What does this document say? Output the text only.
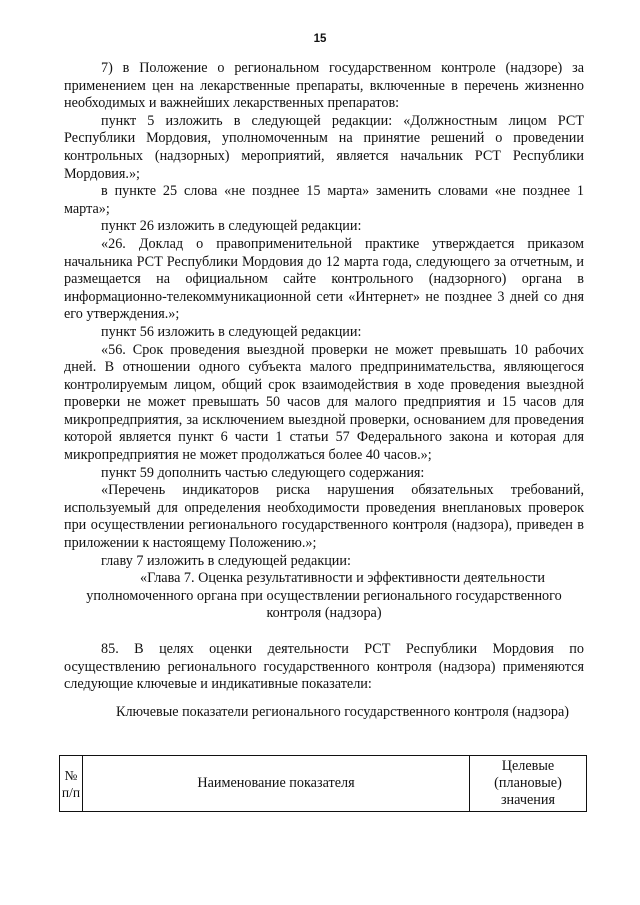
15

7) в Положение о региональном государственном контроле (надзоре) за применением цен на лекарственные препараты, включенные в перечень жизненно необходимых и важнейших лекарственных препаратов:

пункт 5 изложить в следующей редакции: «Должностным лицом РСТ Республики Мордовия, уполномоченным на принятие решений о проведении контрольных (надзорных) мероприятий, является начальник РСТ Республики Мордовия.»;

в пункте 25 слова «не позднее 15 марта» заменить словами «не позднее 1 марта»;

пункт 26 изложить в следующей редакции:

«26. Доклад о правоприменительной практике утверждается приказом начальника РСТ Республики Мордовия до 12 марта года, следующего за отчетным, и размещается на официальном сайте контрольного (надзорного) органа в информационно-телекоммуникационной сети «Интернет» не позднее 3 дней со дня его утверждения.»;

пункт 56 изложить в следующей редакции:

«56. Срок проведения выездной проверки не может превышать 10 рабочих дней. В отношении одного субъекта малого предпринимательства, являющегося контролируемым лицом, общий срок взаимодействия в ходе проведения выездной проверки не может превышать 50 часов для малого предприятия и 15 часов для микропредприятия, за исключением выездной проверки, основанием для проведения которой является пункт 6 части 1 статьи 57 Федерального закона и которая для микропредприятия не может продолжаться более 40 часов.»;

пункт 59 дополнить частью следующего содержания:

«Перечень индикаторов риска нарушения обязательных требований, используемый для определения необходимости проведения внеплановых проверок при осуществлении регионального государственного контроля (надзора), приведен в приложении к настоящему Положению.»;

главу 7 изложить в следующей редакции:

«Глава 7. Оценка результативности и эффективности деятельности уполномоченного органа при осуществлении регионального государственного контроля (надзора)

85. В целях оценки деятельности РСТ Республики Мордовия по осуществлению регионального государственного контроля (надзора) применяются следующие ключевые и индикативные показатели:

Ключевые показатели регионального государственного контроля (надзора)

№ п/п	Наименование показателя	Целевые (плановые) значения
